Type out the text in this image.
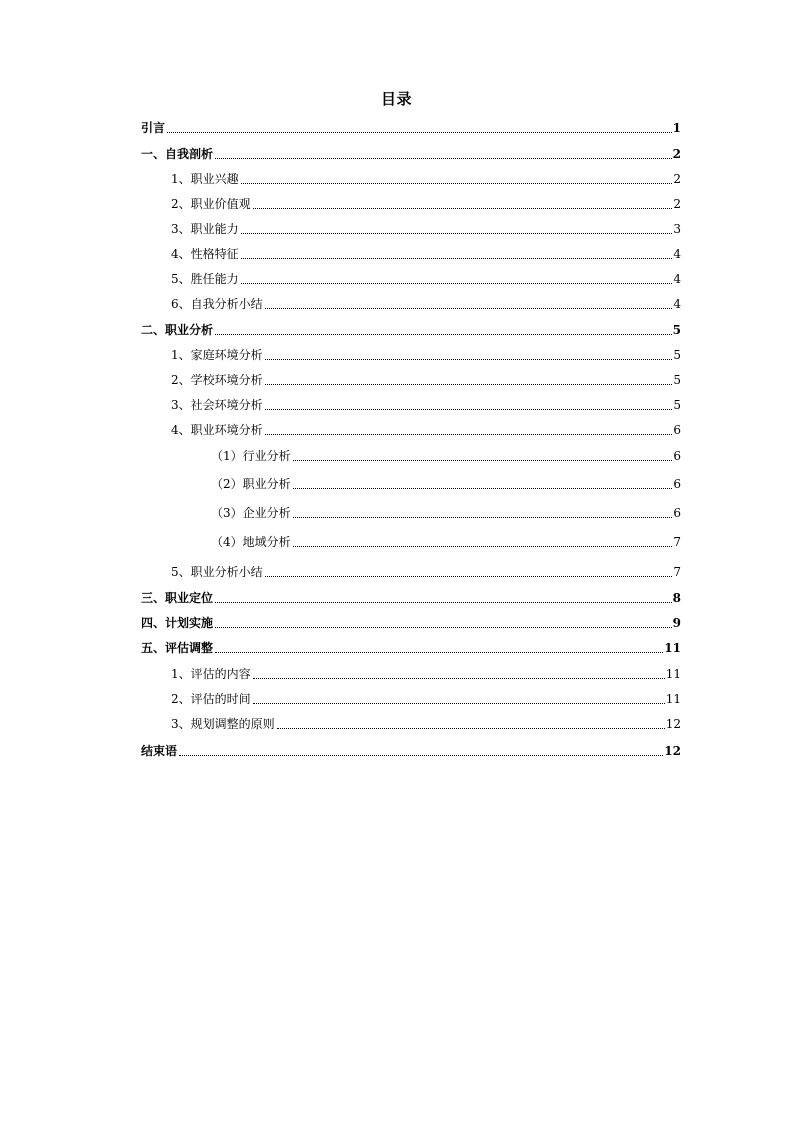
目录
引言	1
一、自我剖析	2
1、职业兴趣	2
2、职业价值观	2
3、职业能力	3
4、性格特征	4
5、胜任能力	4
6、自我分析小结	4
二、职业分析	5
1、家庭环境分析	5
2、学校环境分析	5
3、社会环境分析	5
4、职业环境分析	6
（1）行业分析	6
（2）职业分析	6
（3）企业分析	6
（4）地域分析	7
5、职业分析小结	7
三、职业定位	8
四、计划实施	9
五、评估调整	11
1、评估的内容	11
2、评估的时间	11
3、规划调整的原则	12
结束语	12
